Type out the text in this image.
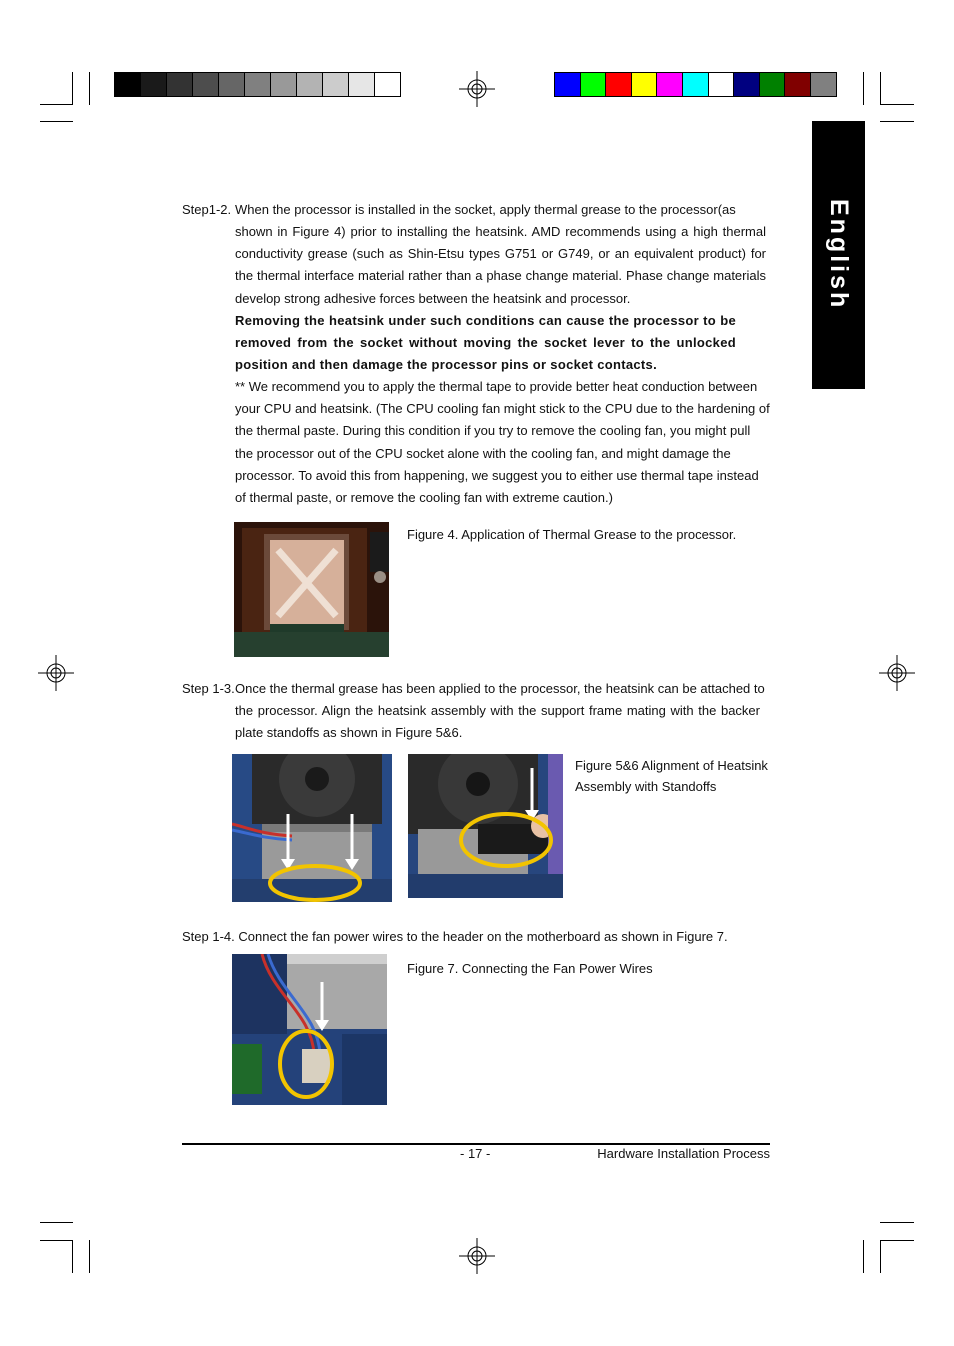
English
Step1-2. When the processor is installed in the socket, apply thermal grease to the processor(as
shown in Figure 4) prior to installing the heatsink. AMD recommends using a high thermal conductivity grease (such as Shin-Etsu types G751 or G749, or an equivalent product) for the thermal interface material rather than a phase change material. Phase change materials develop strong adhesive forces between the heatsink and processor.
Removing the heatsink under such conditions can cause the processor to be removed from the socket without moving the socket lever to the unlocked position and then damage the processor pins or socket contacts.
** We recommend you to apply the thermal tape to provide better heat conduction between your CPU and heatsink. (The CPU cooling fan might stick to the CPU due to the hardening of the thermal paste. During this condition if you try to remove the cooling fan, you might pull the processor out of the CPU socket alone with the cooling fan, and might damage the processor. To avoid this from happening, we suggest you to either use thermal tape instead of thermal paste, or remove the cooling fan with extreme caution.)
Figure 4. Application of Thermal Grease to the processor.
Step 1-3. Once the thermal grease has been applied to the processor, the heatsink can be attached to
the processor. Align the heatsink assembly with the support frame mating with the backer plate standoffs as shown in Figure 5&6.
Figure 5&6 Alignment of Heatsink Assembly with Standoffs
Step 1-4. Connect the fan power wires to the header on the motherboard as shown in Figure 7.
Figure 7. Connecting the Fan Power Wires
- 17 -	Hardware Installation Process
